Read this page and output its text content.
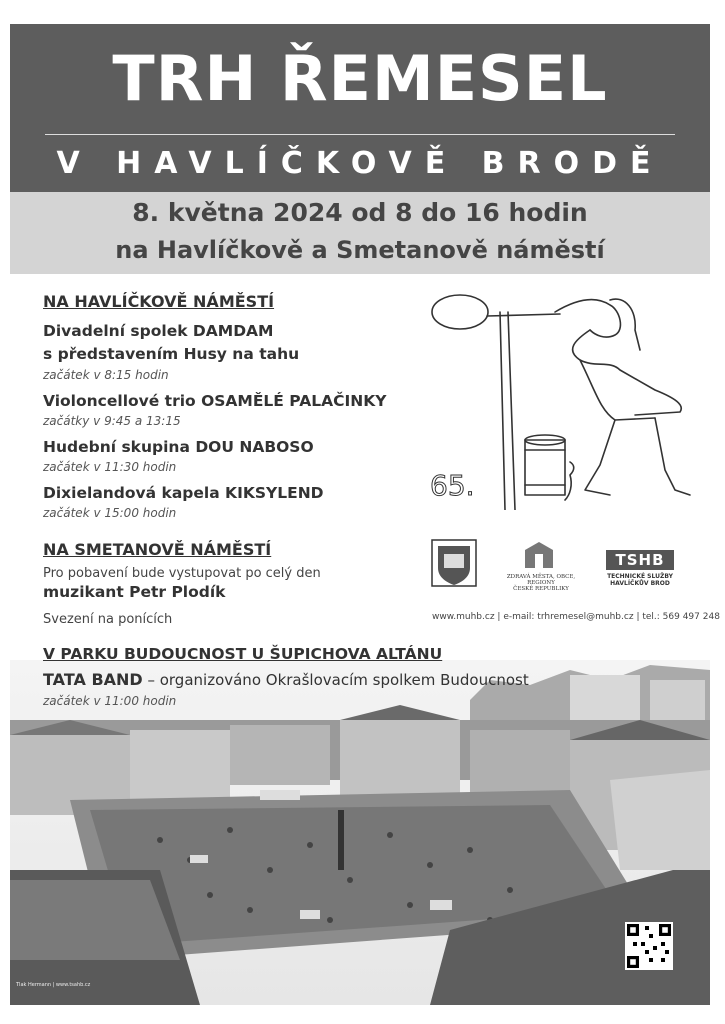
TRH ŘEMESEL
V HAVLÍČKOVĚ BRODĚ
8. května 2024 od 8 do 16 hodin
na Havlíčkově a Smetanově náměstí
NA HAVLÍČKOVĚ NÁMĚSTÍ
Divadelní spolek DAMDAM
s představením Husy na tahu
začátek v 8:15 hodin
Violoncellové trio OSAMĚLÉ PALAČINKY
začátky v 9:45 a 13:15
Hudební skupina DOU NABOSO
začátek v 11:30 hodin
Dixielandová kapela KIKSYLEND
začátek v 15:00 hodin
NA SMETANOVĚ NÁMĚSTÍ
Pro pobavení bude vystupovat po celý den
muzikant Petr Plodík
Svezení na ponících
65.
ZDRAVÁ MĚSTA, OBCE, REGIONY
ČESKÉ REPUBLIKY
TSHB
TECHNICKÉ SLUŽBY
HAVLÍČKŮV BROD
www.muhb.cz | e-mail: trhremesel@muhb.cz | tel.: 569 497 248
Tlak Hermann | www.tsahb.cz
V PARKU BUDOUCNOST U ŠUPICHOVA ALTÁNU
TATA BAND – organizováno Okrašlovacím spolkem Budoucnost
začátek v 11:00 hodin
